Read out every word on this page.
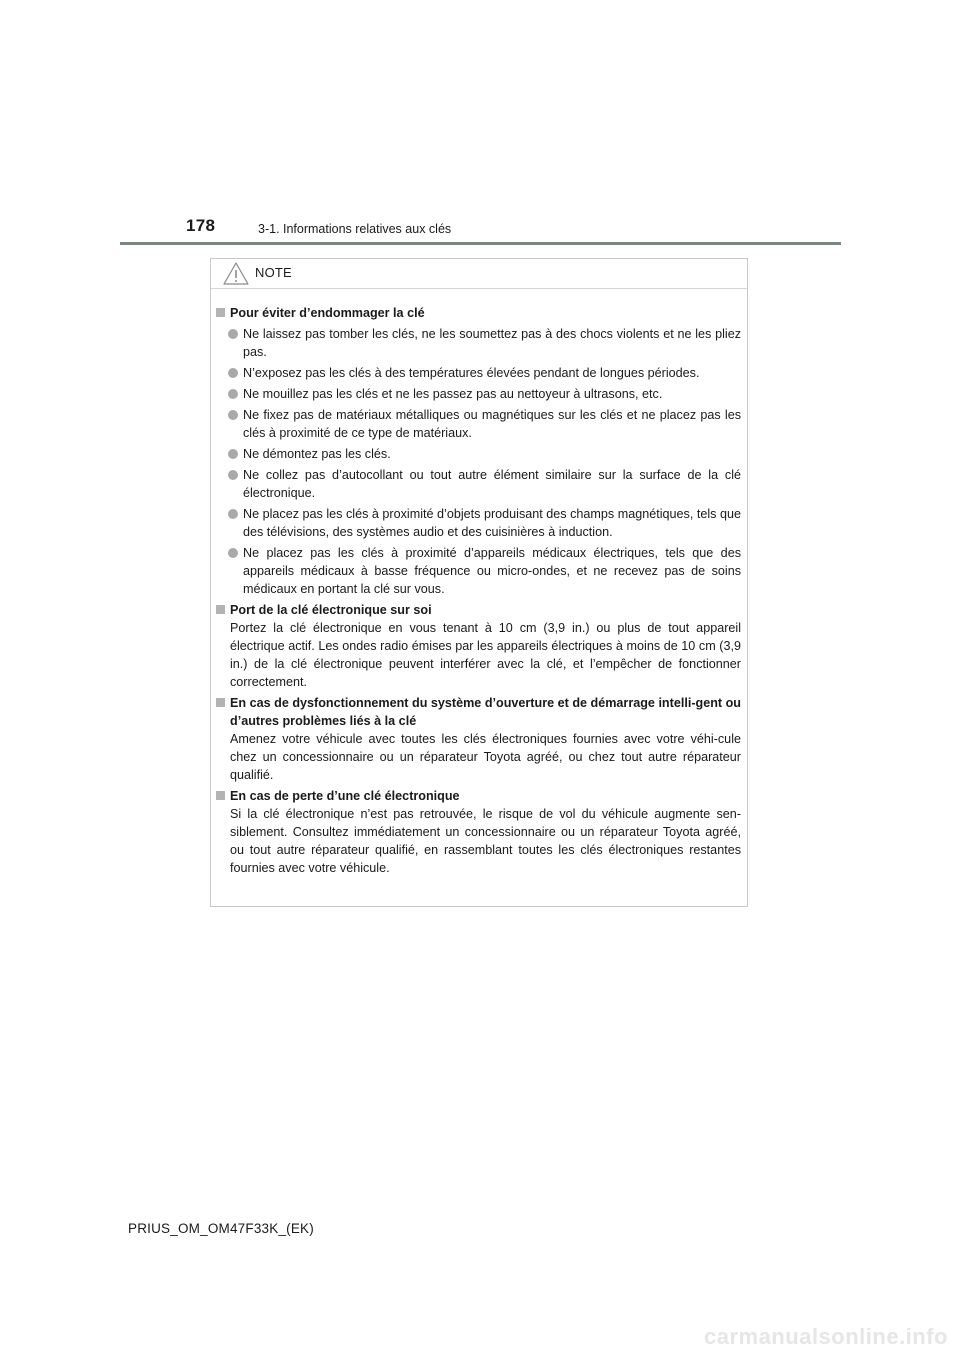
178	3-1. Informations relatives aux clés
NOTE
Pour éviter d’endommager la clé
Ne laissez pas tomber les clés, ne les soumettez pas à des chocs violents et ne les pliez pas.
N’exposez pas les clés à des températures élevées pendant de longues périodes.
Ne mouillez pas les clés et ne les passez pas au nettoyeur à ultrasons, etc.
Ne fixez pas de matériaux métalliques ou magnétiques sur les clés et ne placez pas les clés à proximité de ce type de matériaux.
Ne démontez pas les clés.
Ne collez pas d’autocollant ou tout autre élément similaire sur la surface de la clé électronique.
Ne placez pas les clés à proximité d’objets produisant des champs magnétiques, tels que des télévisions, des systèmes audio et des cuisinières à induction.
Ne placez pas les clés à proximité d’appareils médicaux électriques, tels que des appareils médicaux à basse fréquence ou micro-ondes, et ne recevez pas de soins médicaux en portant la clé sur vous.
Port de la clé électronique sur soi
Portez la clé électronique en vous tenant à 10 cm (3,9 in.) ou plus de tout appareil électrique actif. Les ondes radio émises par les appareils électriques à moins de 10 cm (3,9 in.) de la clé électronique peuvent interférer avec la clé, et l’empêcher de fonctionner correctement.
En cas de dysfonctionnement du système d’ouverture et de démarrage intelli-gent ou d’autres problèmes liés à la clé
Amenez votre véhicule avec toutes les clés électroniques fournies avec votre véhi-cule chez un concessionnaire ou un réparateur Toyota agréé, ou chez tout autre réparateur qualifié.
En cas de perte d’une clé électronique
Si la clé électronique n’est pas retrouvée, le risque de vol du véhicule augmente sen-siblement. Consultez immédiatement un concessionnaire ou un réparateur Toyota agréé, ou tout autre réparateur qualifié, en rassemblant toutes les clés électroniques restantes fournies avec votre véhicule.
PRIUS_OM_OM47F33K_(EK)
carmanualsonline.info
